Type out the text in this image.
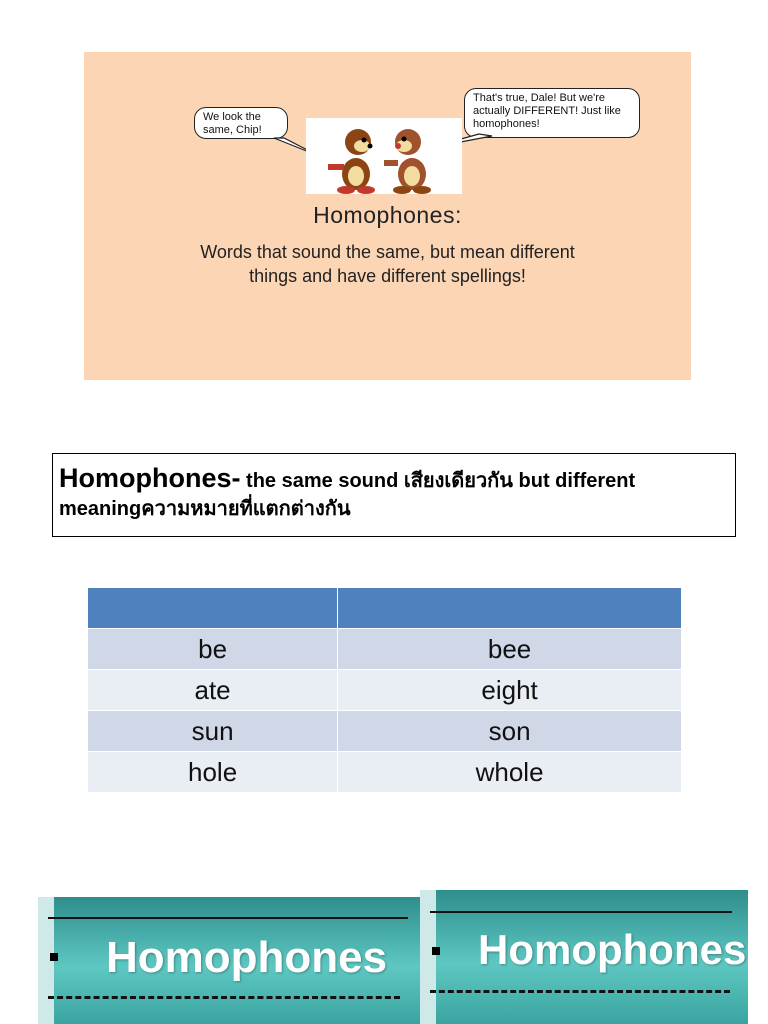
We look the same, Chip!
That's true, Dale! But we're actually DIFFERENT! Just like homophones!
Homophones:
Words that sound the same, but mean different things and have different spellings!
Homophones- the same sound เสียงเดียวกัน but different meaningความหมายที่แตกต่างกัน

be	bee
ate	eight
sun	son
hole	whole
Homophones Homophones
